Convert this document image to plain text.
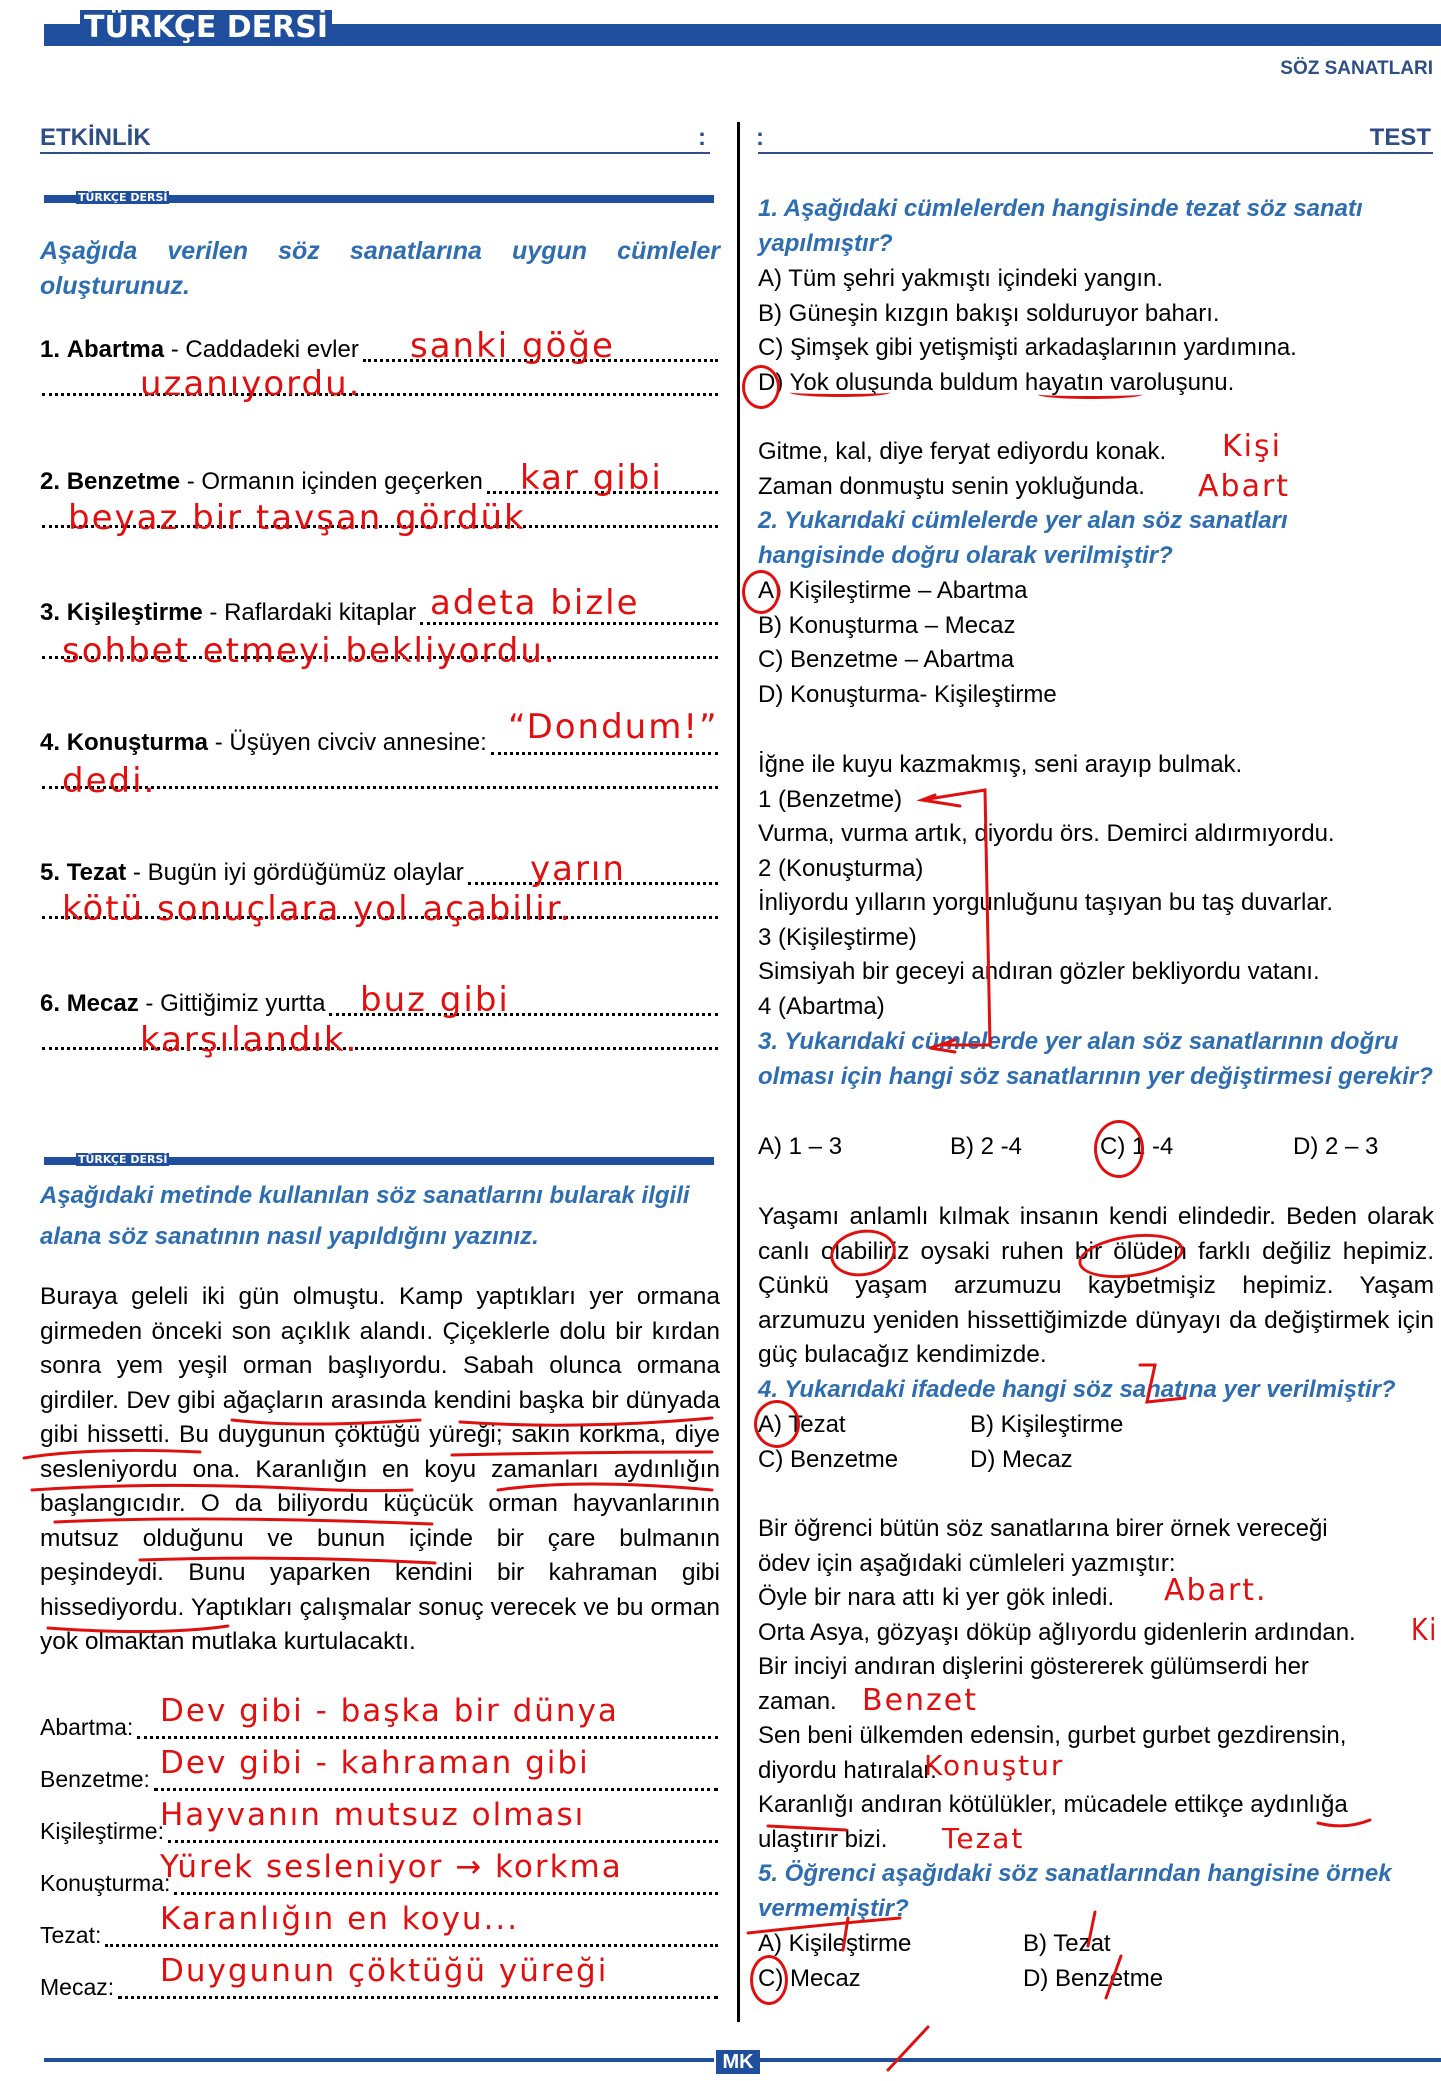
TÜRKÇE DERSİ
SÖZ SANATLARI
ETKİNLİK	: :	TEST
TÜRKÇE DERSİ
Aşağıda verilen söz sanatlarına uygun cümleler oluşturunuz.
1. Abartma - Caddadeki evler sanki göğe
uzanıyordu.
2. Benzetme - Ormanın içinden geçerken kar gibi
beyaz bir tavşan gördük
3. Kişileştirme - Raflardaki kitaplar adeta bizle
sohbet etmeyi bekliyordu.
4. Konuşturma - Üşüyen civciv annesine: “Dondum!”
dedi.
5. Tezat - Bugün iyi gördüğümüz olaylar yarın
kötü sonuçlara yol açabilir.
6. Mecaz - Gittiğimiz yurtta buz gibi
karşılandık.
TÜRKÇE DERSİ
Aşağıdaki metinde kullanılan söz sanatlarını bularak ilgili alana söz sanatının nasıl yapıldığını yazınız.
Buraya geleli iki gün olmuştu. Kamp yaptıkları yer ormana girmeden önceki son açıklık alandı. Çiçeklerle dolu bir kırdan sonra yem yeşil orman başlıyordu. Sabah olunca ormana girdiler. Dev gibi ağaçların arasında kendini başka bir dünyada gibi hissetti. Bu duygunun çöktüğü yüreği; sakın korkma, diye sesleniyordu ona. Karanlığın en koyu zamanları aydınlığın başlangıcıdır. O da biliyordu küçücük orman hayvanlarının mutsuz olduğunu ve bunun içinde bir çare bulmanın peşindeydi. Bunu yaparken kendini bir kahraman gibi hissediyordu. Yaptıkları çalışmalar sonuç verecek ve bu orman yok olmaktan mutlaka kurtulacaktı.
Abartma: Dev gibi - başka bir dünya
Benzetme: Dev gibi - kahraman gibi
Kişileştirme:
Hayvanın mutsuz olması
Konuşturma:
Yürek sesleniyor → korkma
Tezat: Karanlığın en koyu...
Mecaz: Duygunun çöktüğü yüreği
1. Aşağıdaki cümlelerden hangisinde tezat söz sanatı yapılmıştır?
A) Tüm şehri yakmıştı içindeki yangın.
B) Güneşin kızgın bakışı solduruyor baharı.
C) Şimşek gibi yetişmişti arkadaşlarının yardımına.
D) Yok oluşunda buldum hayatın varoluşunu.
Gitme, kal, diye feryat ediyordu konak.
Zaman donmuştu senin yokluğunda.
2. Yukarıdaki cümlelerde yer alan söz sanatları hangisinde doğru olarak verilmiştir?
A) Kişileştirme – Abartma
B) Konuşturma – Mecaz
C) Benzetme – Abartma
D) Konuşturma- Kişileştirme
İğne ile kuyu kazmakmış, seni arayıp bulmak.
1 (Benzetme)
Vurma, vurma artık, diyordu örs. Demirci aldırmıyordu.
2 (Konuşturma)
İnliyordu yılların yorgunluğunu taşıyan bu taş duvarlar.
3 (Kişileştirme)
Simsiyah bir geceyi andıran gözler bekliyordu vatanı.
4 (Abartma)
3. Yukarıdaki cümlelerde yer alan söz sanatlarının doğru olması için hangi söz sanatlarının yer değiştirmesi gerekir?
A) 1 – 3	B) 2 -4	C) 1 -4	D) 2 – 3
Yaşamı anlamlı kılmak insanın kendi elindedir. Beden olarak canlı olabiliriz oysaki ruhen bir ölüden farklı değiliz hepimiz. Çünkü yaşam arzumuzu kaybetmişiz hepimiz. Yaşam arzumuzu yeniden hissettiğimizde dünyayı da değiştirmek için güç bulacağız kendimizde.
4. Yukarıdaki ifadede hangi söz sanatına yer verilmiştir?
A) Tezat	B) Kişileştirme
C) Benzetme	D) Mecaz
Bir öğrenci bütün söz sanatlarına birer örnek vereceği
ödev için aşağıdaki cümleleri yazmıştır:
Öyle bir nara attı ki yer gök inledi.
Orta Asya, gözyaşı döküp ağlıyordu gidenlerin ardından.
Bir inciyi andıran dişlerini göstererek gülümserdi her
zaman.
Sen beni ülkemden edensin, gurbet gurbet gezdirensin,
diyordu hatıralar.
Karanlığı andıran kötülükler, mücadele ettikçe aydınlığa
ulaştırır bizi.
5. Öğrenci aşağıdaki söz sanatlarından hangisine örnek vermemiştir?
A) Kişileştirme	B) Tezat
C) Mecaz	D) Benzetme
Kişi
Abart
Abart.
Ki
Benzet
Konuştur
Tezat
MK
